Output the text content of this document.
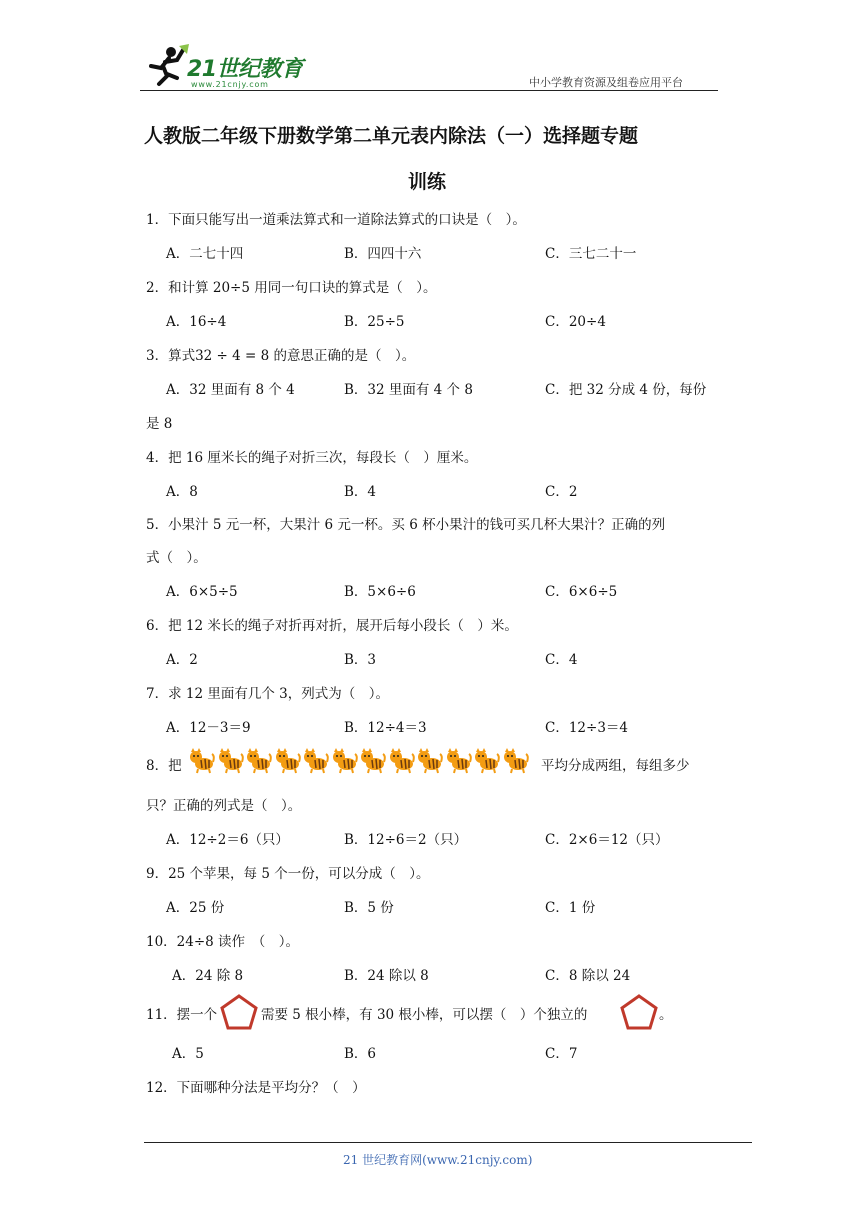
21世纪教育
www.21cnjy.com	中小学教育资源及组卷应用平台
人教版二年级下册数学第二单元表内除法（一）选择题专题
训练
1．下面只能写出一道乘法算式和一道除法算式的口诀是（　）。
A．二七十四	B．四四十六	C．三七二十一
2．和计算 20÷5 用同一句口诀的算式是（　）。
A．16÷4	B．25÷5	C．20÷4
3．算式32 ÷ 4 = 8 的意思正确的是（　）。
A．32 里面有 8 个 4	B．32 里面有 4 个 8	C．把 32 分成 4 份，每份
是 8
4．把 16 厘米长的绳子对折三次，每段长（　）厘米。
A．8	B．4	C．2
5．小果汁 5 元一杯，大果汁 6 元一杯。买 6 杯小果汁的钱可买几杯大果汁？正确的列
式（　）。
A．6×5÷5	B．5×6÷6	C．6×6÷5
6．把 12 米长的绳子对折再对折，展开后每小段长（　）米。
A．2	B．3	C．4
7．求 12 里面有几个 3，列式为（　）。
A．12－3＝9	B．12÷4＝3	C．12÷3＝4
8．把	平均分成两组，每组多少
只？正确的列式是（　）。
A．12÷2＝6（只）	B．12÷6＝2（只）	C．2×6＝12（只）
9．25 个苹果，每 5 个一份，可以分成（　）。
A．25 份	B．5 份	C．1 份
10．24÷8 读作　（　）。
A．24 除 8	B．24 除以 8	C．8 除以 24
11．摆一个	需要 5 根小棒，有 30 根小棒，可以摆（　）个独立的	。
A．5	B．6	C．7
12．下面哪种分法是平均分？（　）
21 世纪教育网(www.21cnjy.com)
